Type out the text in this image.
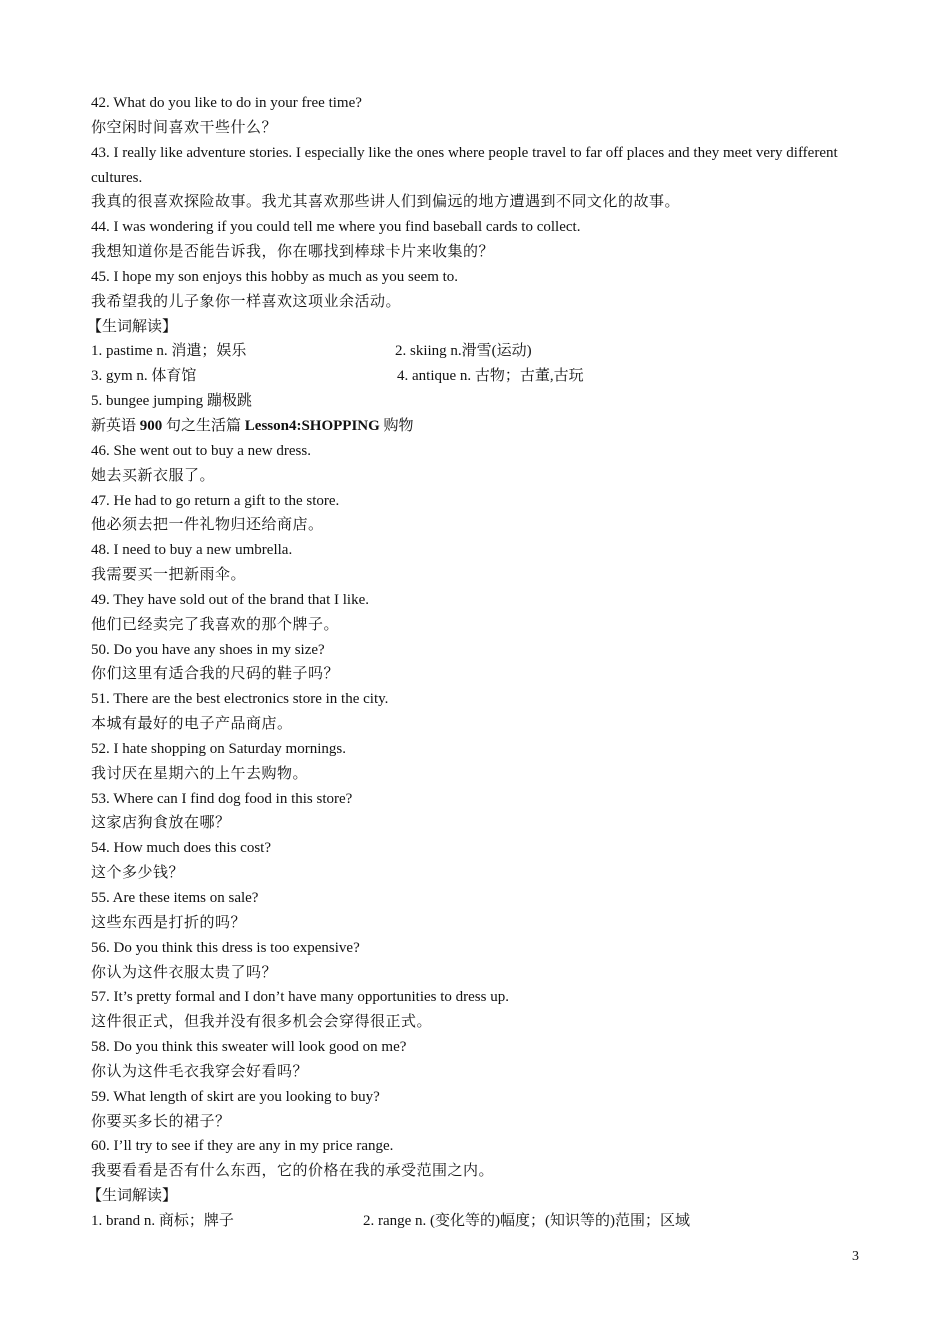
42. What do you like to do in your free time?
你空闲时间喜欢干些什么？
43. I really like adventure stories. I especially like the ones where people travel to far off places and they meet very different cultures.
我真的很喜欢探险故事。我尤其喜欢那些讲人们到偏远的地方遭遇到不同文化的故事。
44. I was wondering if you could tell me where you find baseball cards to collect.
我想知道你是否能告诉我，你在哪找到棒球卡片来收集的？
45. I hope my son enjoys this hobby as much as you seem to.
我希望我的儿子象你一样喜欢这项业余活动。
【生词解读】
1. pastime n. 消遣；娱乐	2. skiing n.滑雪(运动)
3. gym n. 体育馆	4. antique n. 古物；古董,古玩
5. bungee jumping 蹦极跳
新英语 900 句之生活篇 Lesson4:SHOPPING 购物
46. She went out to buy a new dress.
她去买新衣服了。
47. He had to go return a gift to the store.
他必须去把一件礼物归还给商店。
48. I need to buy a new umbrella.
我需要买一把新雨伞。
49. They have sold out of the brand that I like.
他们已经卖完了我喜欢的那个牌子。
50. Do you have any shoes in my size?
你们这里有适合我的尺码的鞋子吗？
51. There are the best electronics store in the city.
本城有最好的电子产品商店。
52. I hate shopping on Saturday mornings.
我讨厌在星期六的上午去购物。
53. Where can I find dog food in this store?
这家店狗食放在哪？
54. How much does this cost?
这个多少钱？
55. Are these items on sale?
这些东西是打折的吗？
56. Do you think this dress is too expensive?
你认为这件衣服太贵了吗？
57. It’s pretty formal and I don’t have many opportunities to dress up.
这件很正式，但我并没有很多机会会穿得很正式。
58. Do you think this sweater will look good on me?
你认为这件毛衣我穿会好看吗？
59. What length of skirt are you looking to buy?
你要买多长的裙子？
60. I’ll try to see if they are any in my price range.
我要看看是否有什么东西，它的价格在我的承受范围之内。
【生词解读】
1. brand n. 商标；牌子	2. range n. (变化等的)幅度；(知识等的)范围；区域
3
